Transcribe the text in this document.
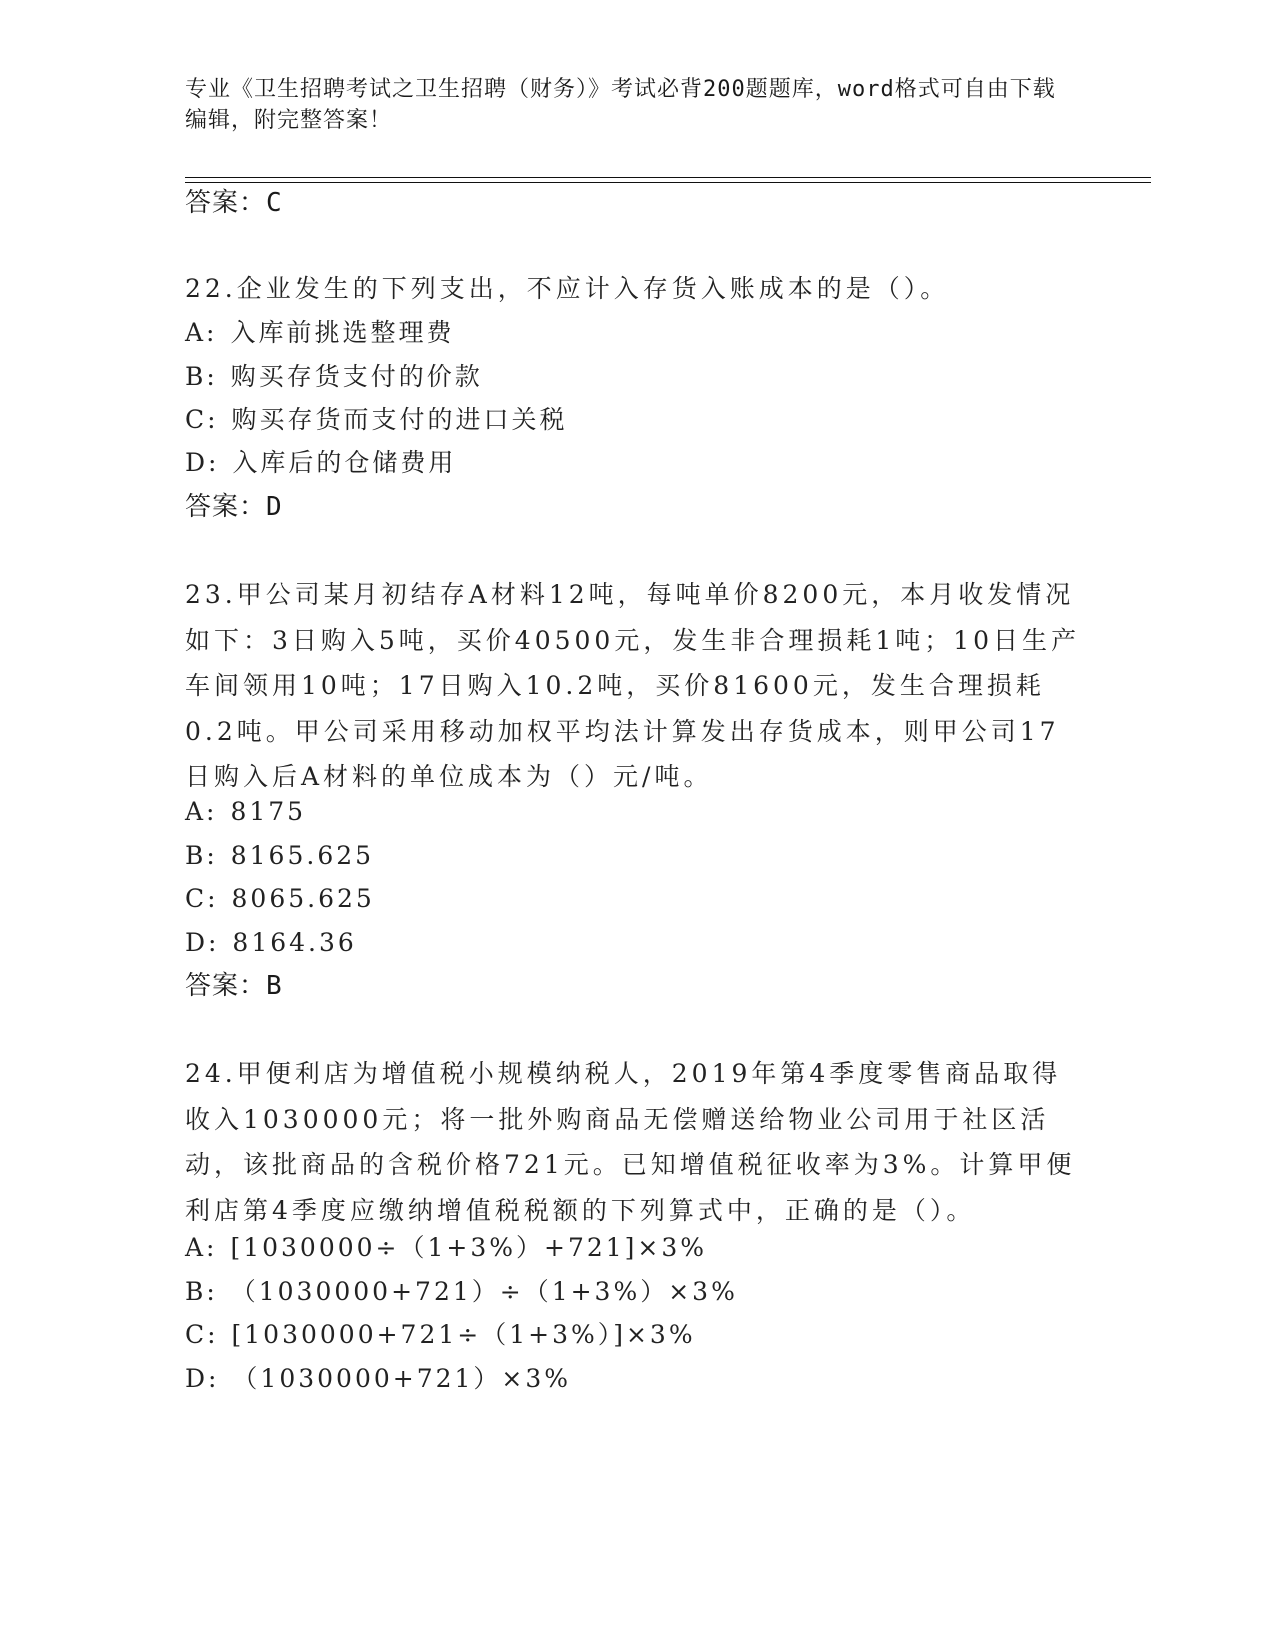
专业《卫生招聘考试之卫生招聘（财务）》考试必背200题题库，word格式可自由下载编辑，附完整答案！
答案：C
22.企业发生的下列支出，不应计入存货入账成本的是（）。
A: 入库前挑选整理费
B: 购买存货支付的价款
C: 购买存货而支付的进口关税
D: 入库后的仓储费用
答案：D
23.甲公司某月初结存A材料12吨，每吨单价8200元，本月收发情况如下：3日购入5吨，买价40500元，发生非合理损耗1吨；10日生产车间领用10吨；17日购入10.2吨，买价81600元，发生合理损耗0.2吨。甲公司采用移动加权平均法计算发出存货成本，则甲公司17日购入后A材料的单位成本为（）元/吨。
A: 8175
B: 8165.625
C: 8065.625
D: 8164.36
答案：B
24.甲便利店为增值税小规模纳税人，2019年第4季度零售商品取得收入1030000元；将一批外购商品无偿赠送给物业公司用于社区活动，该批商品的含税价格721元。已知增值税征收率为3%。计算甲便利店第4季度应缴纳增值税税额的下列算式中，正确的是（）。
A: [1030000÷（1+3%）+721]×3%
B: （1030000+721）÷（1+3%）×3%
C: [1030000+721÷（1+3%）]×3%
D: （1030000+721）×3%
